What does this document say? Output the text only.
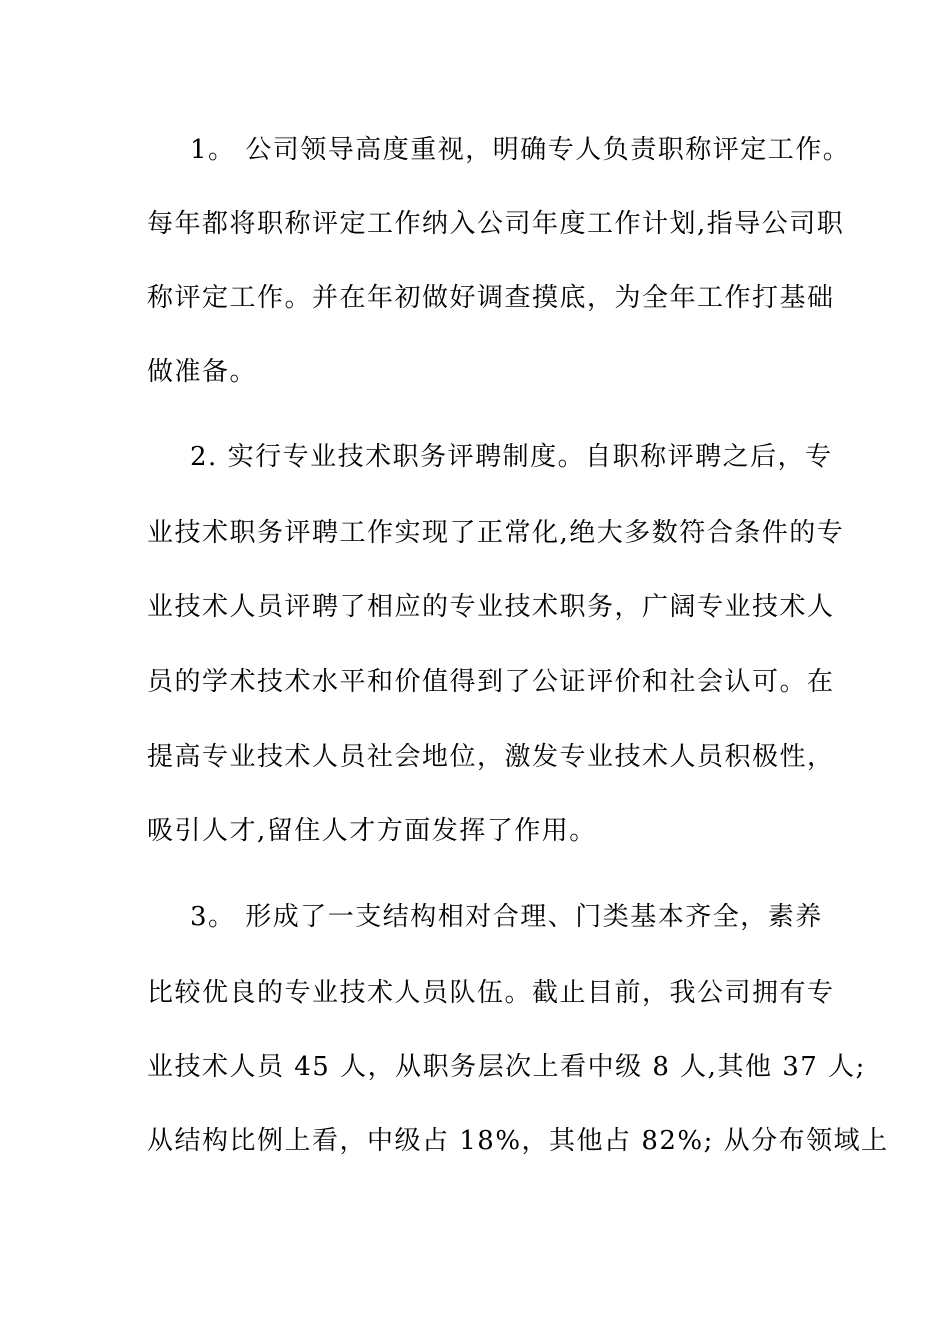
1。 公司领导高度重视，明确专人负责职称评定工作。
每年都将职称评定工作纳入公司年度工作计划,指导公司职
称评定工作。并在年初做好调查摸底，为全年工作打基础
做准备。
2. 实行专业技术职务评聘制度。自职称评聘之后，专
业技术职务评聘工作实现了正常化,绝大多数符合条件的专
业技术人员评聘了相应的专业技术职务，广阔专业技术人
员的学术技术水平和价值得到了公证评价和社会认可。在
提高专业技术人员社会地位，激发专业技术人员积极性，
吸引人才,留住人才方面发挥了作用。
3。 形成了一支结构相对合理、门类基本齐全，素养
比较优良的专业技术人员队伍。截止目前，我公司拥有专
业技术人员 45 人，从职务层次上看中级 8 人,其他 37 人;
从结构比例上看，中级占 18%，其他占 82%; 从分布领域上
